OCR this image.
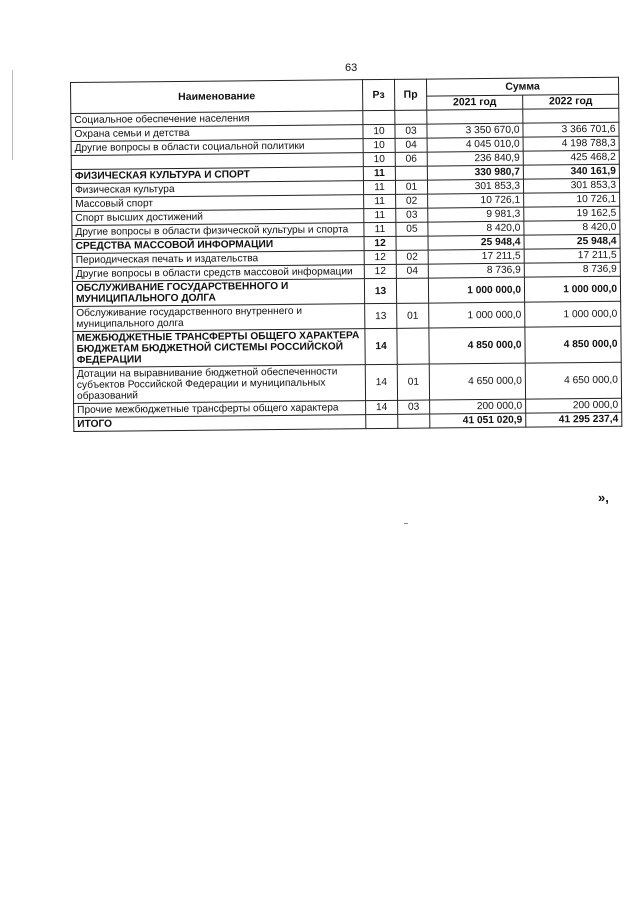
63
Наименование	Рз	Пр	Сумма	
			2021 год	2022 год
Социальное обеспечение населения				
Охрана семьи и детства	10	03	3 350 670,0	3 366 701,6
Другие вопросы в области социальной политики	10	04	4 045 010,0	4 198 788,3
	10	06	236 840,9	425 468,2
ФИЗИЧЕСКАЯ КУЛЬТУРА И СПОРТ	11		330 980,7	340 161,9
Физическая культура	11	01	301 853,3	301 853,3
Массовый спорт	11	02	10 726,1	10 726,1
Спорт высших достижений	11	03	9 981,3	19 162,5
Другие вопросы в области физической культуры и спорта	11	05	8 420,0	8 420,0
СРЕДСТВА МАССОВОЙ ИНФОРМАЦИИ	12		25 948,4	25 948,4
Периодическая печать и издательства	12	02	17 211,5	17 211,5
Другие вопросы в области средств массовой информации	12	04	8 736,9	8 736,9
ОБСЛУЖИВАНИЕ ГОСУДАРСТВЕННОГО И МУНИЦИПАЛЬНОГО ДОЛГА	13		1 000 000,0	1 000 000,0
Обслуживание государственного внутреннего и муниципального долга	13	01	1 000 000,0	1 000 000,0
МЕЖБЮДЖЕТНЫЕ ТРАНСФЕРТЫ ОБЩЕГО ХАРАКТЕРА БЮДЖЕТАМ БЮДЖЕТНОЙ СИСТЕМЫ РОССИЙСКОЙ ФЕДЕРАЦИИ	14		4 850 000,0	4 850 000,0
Дотации на выравнивание бюджетной обеспеченности субъектов Российской Федерации и муниципальных образований	14	01	4 650 000,0	4 650 000,0
Прочие межбюджетные трансферты общего характера	14	03	200 000,0	200 000,0
ИТОГО			41 051 020,9	41 295 237,4
»,
